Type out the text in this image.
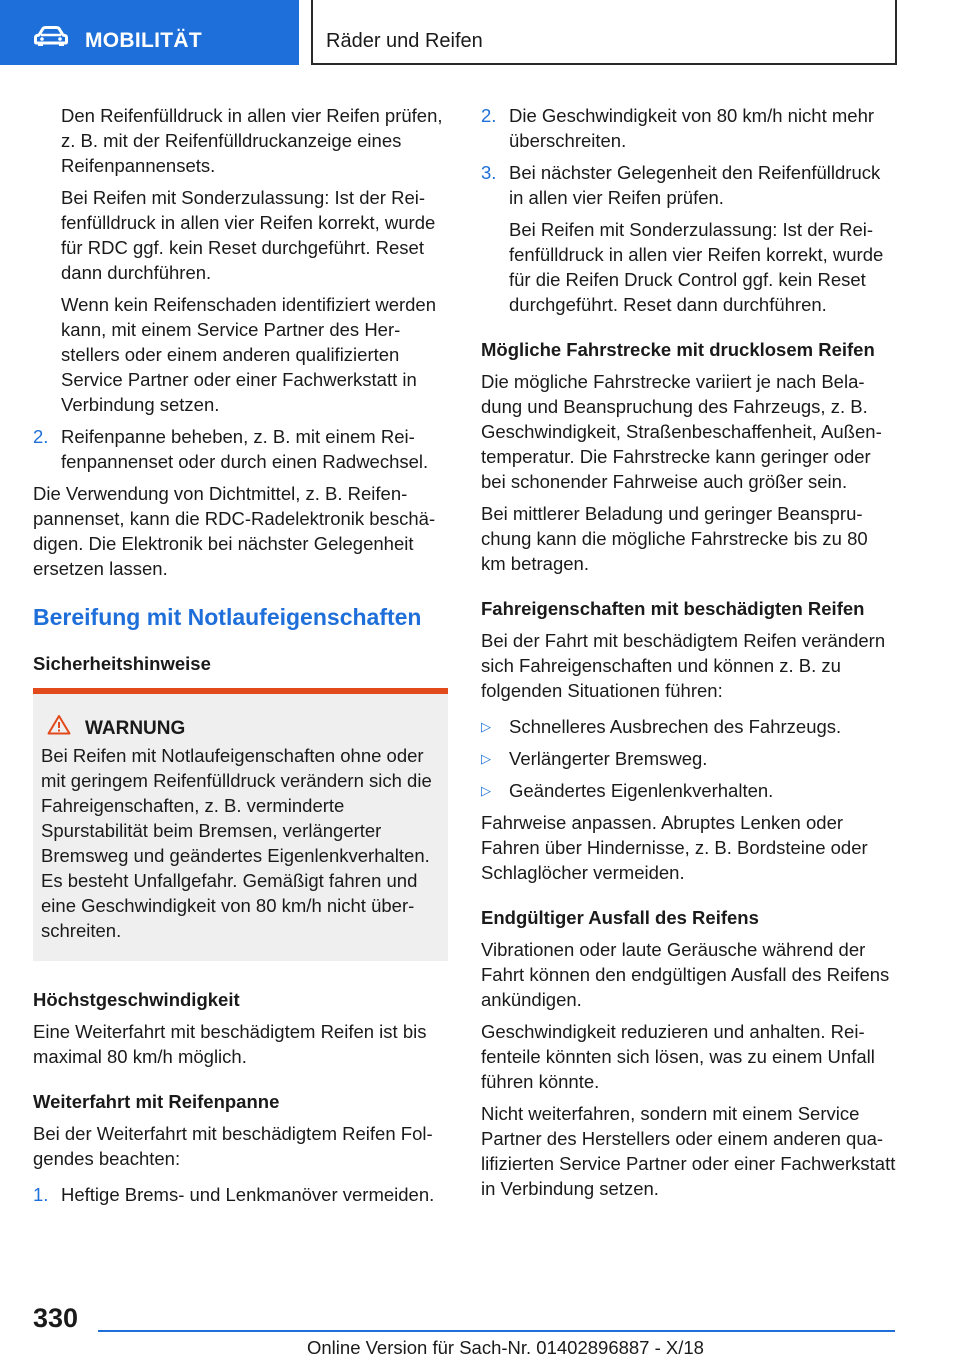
MOBILITÄT	Räder und Reifen

Den Reifenfülldruck in allen vier Reifen prüfen, z. B. mit der Reifenfülldruckanzeige eines Reifenpannensets.

Bei Reifen mit Sonderzulassung: Ist der Reifenfülldruck in allen vier Reifen korrekt, wurde für RDC ggf. kein Reset durchgeführt. Reset dann durchführen.

Wenn kein Reifenschaden identifiziert werden kann, mit einem Service Partner des Herstellers oder einem anderen qualifizierten Service Partner oder einer Fachwerkstatt in Verbindung setzen.

2. Reifenpanne beheben, z. B. mit einem Reifenpannenset oder durch einen Radwechsel.

Die Verwendung von Dichtmittel, z. B. Reifenpannenset, kann die RDC-Radelektronik beschädigen. Die Elektronik bei nächster Gelegenheit ersetzen lassen.

Bereifung mit Notlaufeigenschaften
Sicherheitshinweise
WARNUNG

Bei Reifen mit Notlaufeigenschaften ohne oder mit geringem Reifenfülldruck verändern sich die Fahreigenschaften, z. B. verminderte Spurstabilität beim Bremsen, verlängerter Bremsweg und geändertes Eigenlenkverhalten. Es besteht Unfallgefahr. Gemäßigt fahren und eine Geschwindigkeit von 80 km/h nicht überschreiten.

Höchstgeschwindigkeit

Eine Weiterfahrt mit beschädigtem Reifen ist bis maximal 80 km/h möglich.

Weiterfahrt mit Reifenpanne

Bei der Weiterfahrt mit beschädigtem Reifen Folgendes beachten:

1. Heftige Brems- und Lenkmanöver vermeiden.
2. Die Geschwindigkeit von 80 km/h nicht mehr überschreiten.
3. Bei nächster Gelegenheit den Reifenfülldruck in allen vier Reifen prüfen.

Bei Reifen mit Sonderzulassung: Ist der Reifenfülldruck in allen vier Reifen korrekt, wurde für die Reifen Druck Control ggf. kein Reset durchgeführt. Reset dann durchführen.

Mögliche Fahrstrecke mit drucklosem Reifen

Die mögliche Fahrstrecke variiert je nach Beladung und Beanspruchung des Fahrzeugs, z. B. Geschwindigkeit, Straßenbeschaffenheit, Außentemperatur. Die Fahrstrecke kann geringer oder bei schonender Fahrweise auch größer sein.

Bei mittlerer Beladung und geringer Beanspruchung kann die mögliche Fahrstrecke bis zu 80 km betragen.

Fahreigenschaften mit beschädigten Reifen

Bei der Fahrt mit beschädigtem Reifen verändern sich Fahreigenschaften und können z. B. zu folgenden Situationen führen:

▷ Schnelleres Ausbrechen des Fahrzeugs.
▷ Verlängerter Bremsweg.
▷ Geändertes Eigenlenkverhalten.

Fahrweise anpassen. Abruptes Lenken oder Fahren über Hindernisse, z. B. Bordsteine oder Schlaglöcher vermeiden.

Endgültiger Ausfall des Reifens

Vibrationen oder laute Geräusche während der Fahrt können den endgültigen Ausfall des Reifens ankündigen.

Geschwindigkeit reduzieren und anhalten. Reifenteile könnten sich lösen, was zu einem Unfall führen könnte.

Nicht weiterfahren, sondern mit einem Service Partner des Herstellers oder einem anderen qualifizierten Service Partner oder einer Fachwerkstatt in Verbindung setzen.

330
Online Version für Sach-Nr. 01402896887 - X/18
